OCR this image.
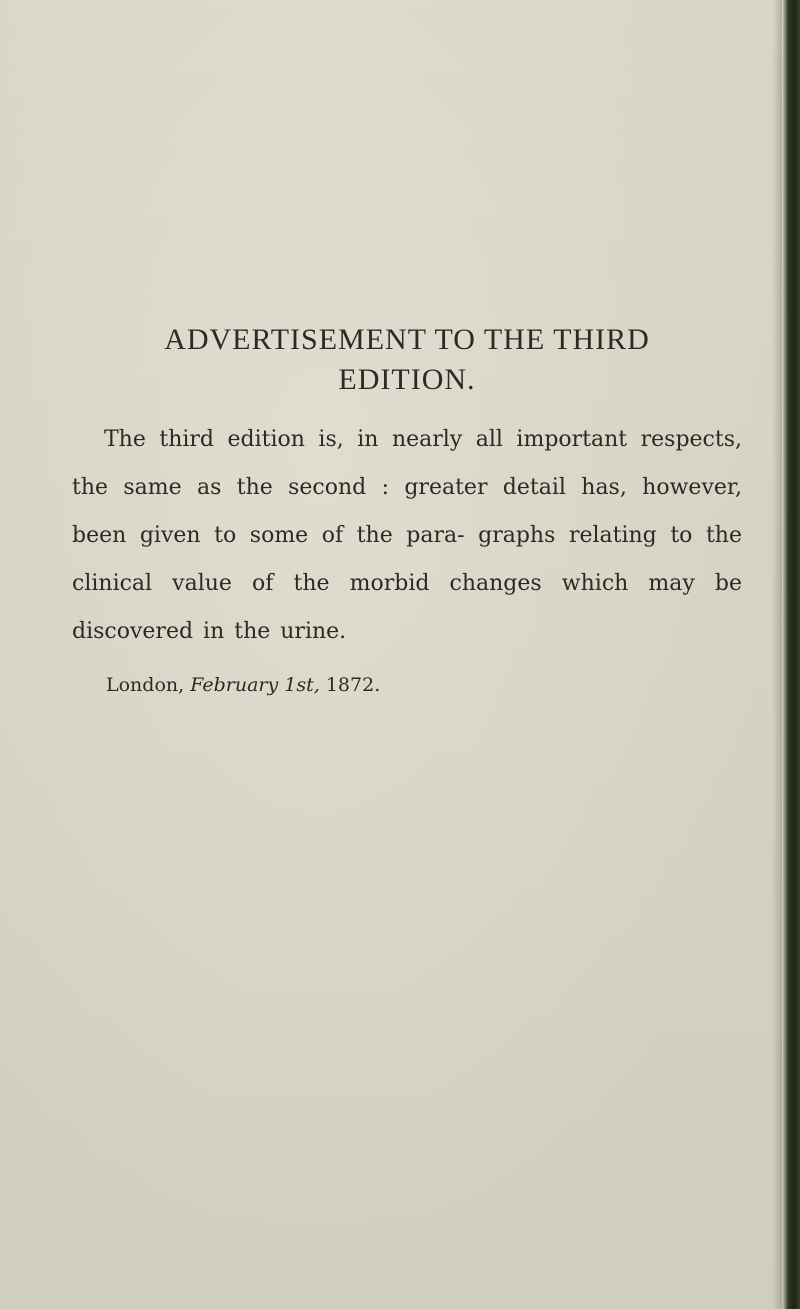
ADVERTISEMENT TO THE THIRD
EDITION.

The third edition is, in nearly all important respects, the same as the second : greater detail has, however, been given to some of the para- graphs relating to the clinical value of the morbid changes which may be discovered in the urine.

London, February 1st, 1872.
